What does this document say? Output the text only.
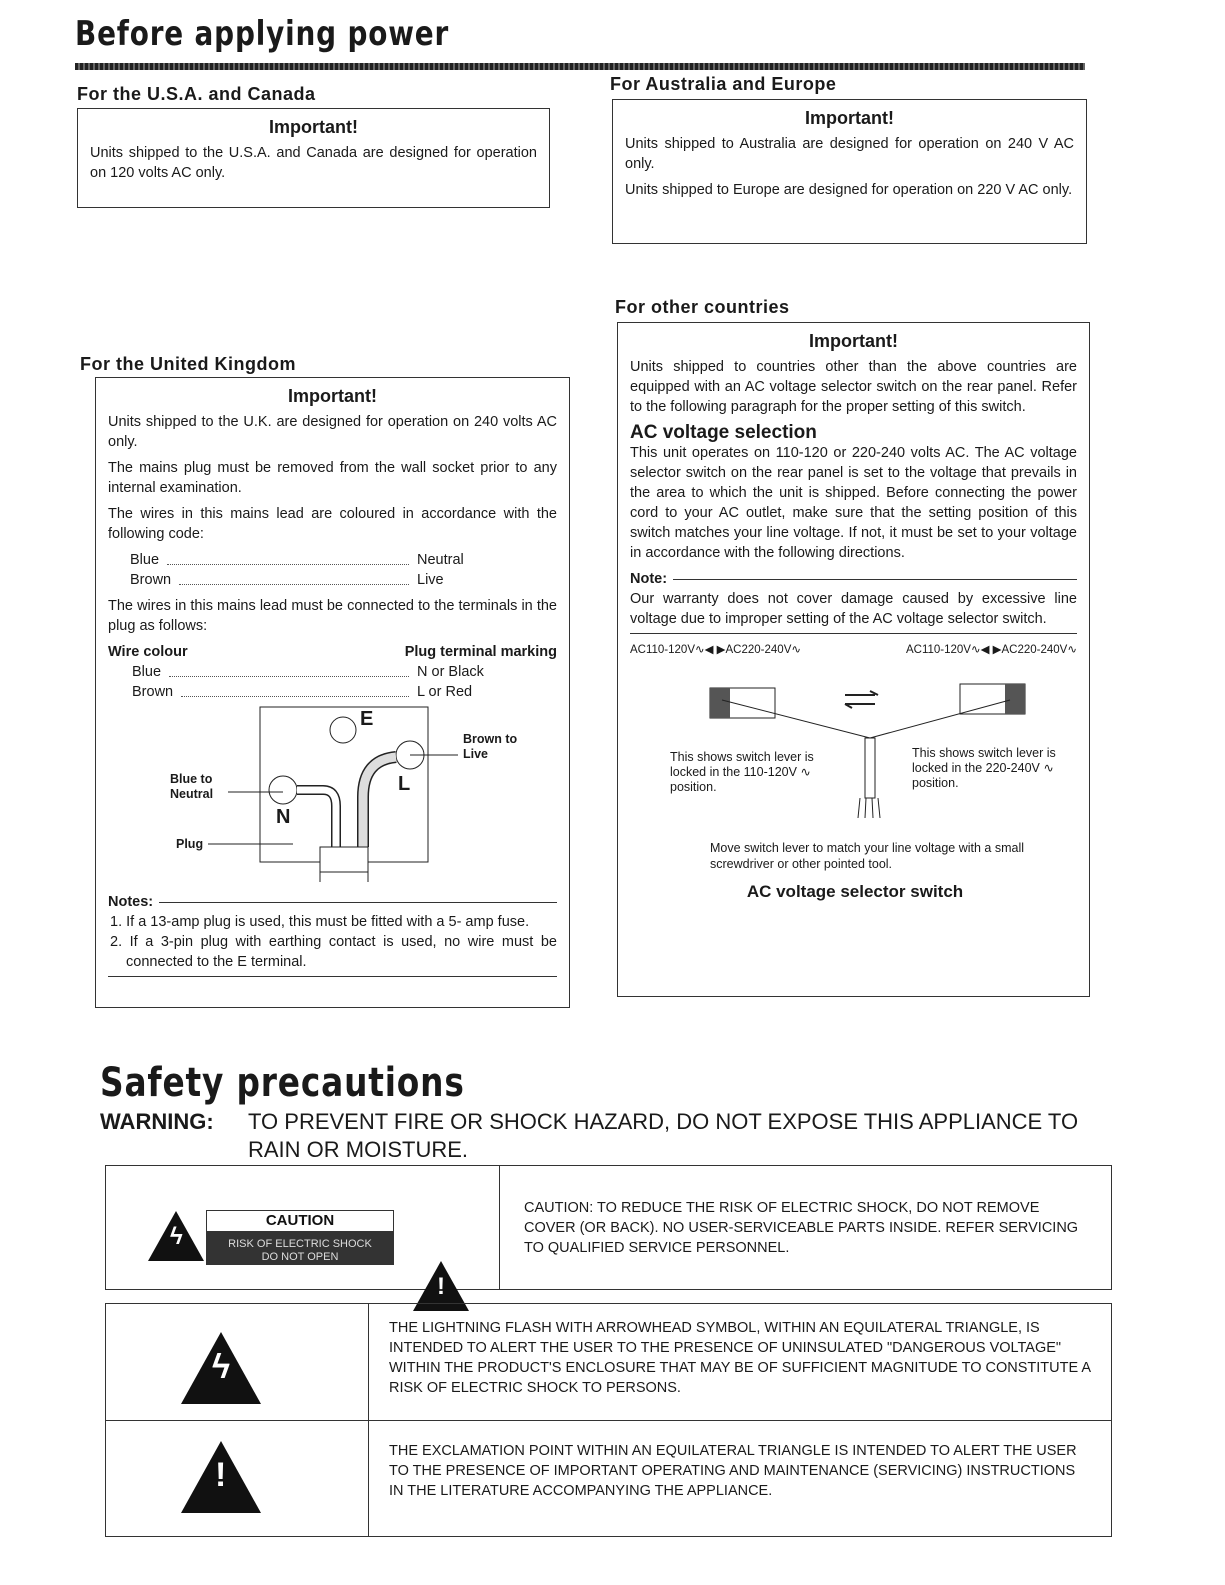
Before applying power
For the U.S.A. and Canada
Important!

Units shipped to the U.S.A. and Canada are designed for operation on 120 volts AC only.

For Australia and Europe
Important!

Units shipped to Australia are designed for operation on 240 V AC only.

Units shipped to Europe are designed for operation on 220 V AC only.

For the United Kingdom
Important!

Units shipped to the U.K. are designed for operation on 240 volts AC only.

The mains plug must be removed from the wall socket prior to any internal examination.

The wires in this mains lead are coloured in accordance with the following code:

Blue	Neutral
Brown	Live

The wires in this mains lead must be connected to the terminals in the plug as follows:

Wire colour	Plug terminal marking
Blue	N or Black
Brown	L or Red
E
L
N
Brown to Live
Blue to Neutral
Plug
Notes:

1. If a 13-amp plug is used, this must be fitted with a 5- amp fuse.

2. If a 3-pin plug with earthing contact is used, no wire must be connected to the E terminal.

For other countries
Important!

Units shipped to countries other than the above countries are equipped with an AC voltage selector switch on the rear panel. Refer to the following paragraph for the proper setting of this switch.

AC voltage selection

This unit operates on 110-120 or 220-240 volts AC. The AC voltage selector switch on the rear panel is set to the voltage that prevails in the area to which the unit is shipped. Before connecting the power cord to your AC outlet, make sure that the setting position of this switch matches your line voltage. If not, it must be set to your voltage in accordance with the following directions.

Note:

Our warranty does not cover damage caused by excessive line voltage due to improper setting of the AC voltage selector switch.

AC110-120V∿◀ ▶AC220-240V∿	AC110-120V∿◀ ▶AC220-240V∿
This shows switch lever is locked in the 110-120V ∿ position.
This shows switch lever is locked in the 220-240V ∿ position.
Move switch lever to match your line voltage with a small screwdriver or other pointed tool.
AC voltage selector switch
Safety precautions
WARNING:	TO PREVENT FIRE OR SHOCK HAZARD, DO NOT EXPOSE THIS APPLIANCE TO RAIN OR MOISTURE.
ϟ
CAUTION
RISK OF ELECTRIC SHOCK DO NOT OPEN
!
CAUTION: TO REDUCE THE RISK OF ELECTRIC SHOCK, DO NOT REMOVE COVER (OR BACK). NO USER-SERVICEABLE PARTS INSIDE. REFER SERVICING TO QUALIFIED SERVICE PERSONNEL.
ϟ
THE LIGHTNING FLASH WITH ARROWHEAD SYMBOL, WITHIN AN EQUILATERAL TRIANGLE, IS INTENDED TO ALERT THE USER TO THE PRESENCE OF UNINSULATED "DANGEROUS VOLTAGE" WITHIN THE PRODUCT'S ENCLOSURE THAT MAY BE OF SUFFICIENT MAGNITUDE TO CONSTITUTE A RISK OF ELECTRIC SHOCK TO PERSONS.
!
THE EXCLAMATION POINT WITHIN AN EQUILATERAL TRIANGLE IS INTENDED TO ALERT THE USER TO THE PRESENCE OF IMPORTANT OPERATING AND MAINTENANCE (SERVICING) INSTRUCTIONS IN THE LITERATURE ACCOMPANYING THE APPLIANCE.
